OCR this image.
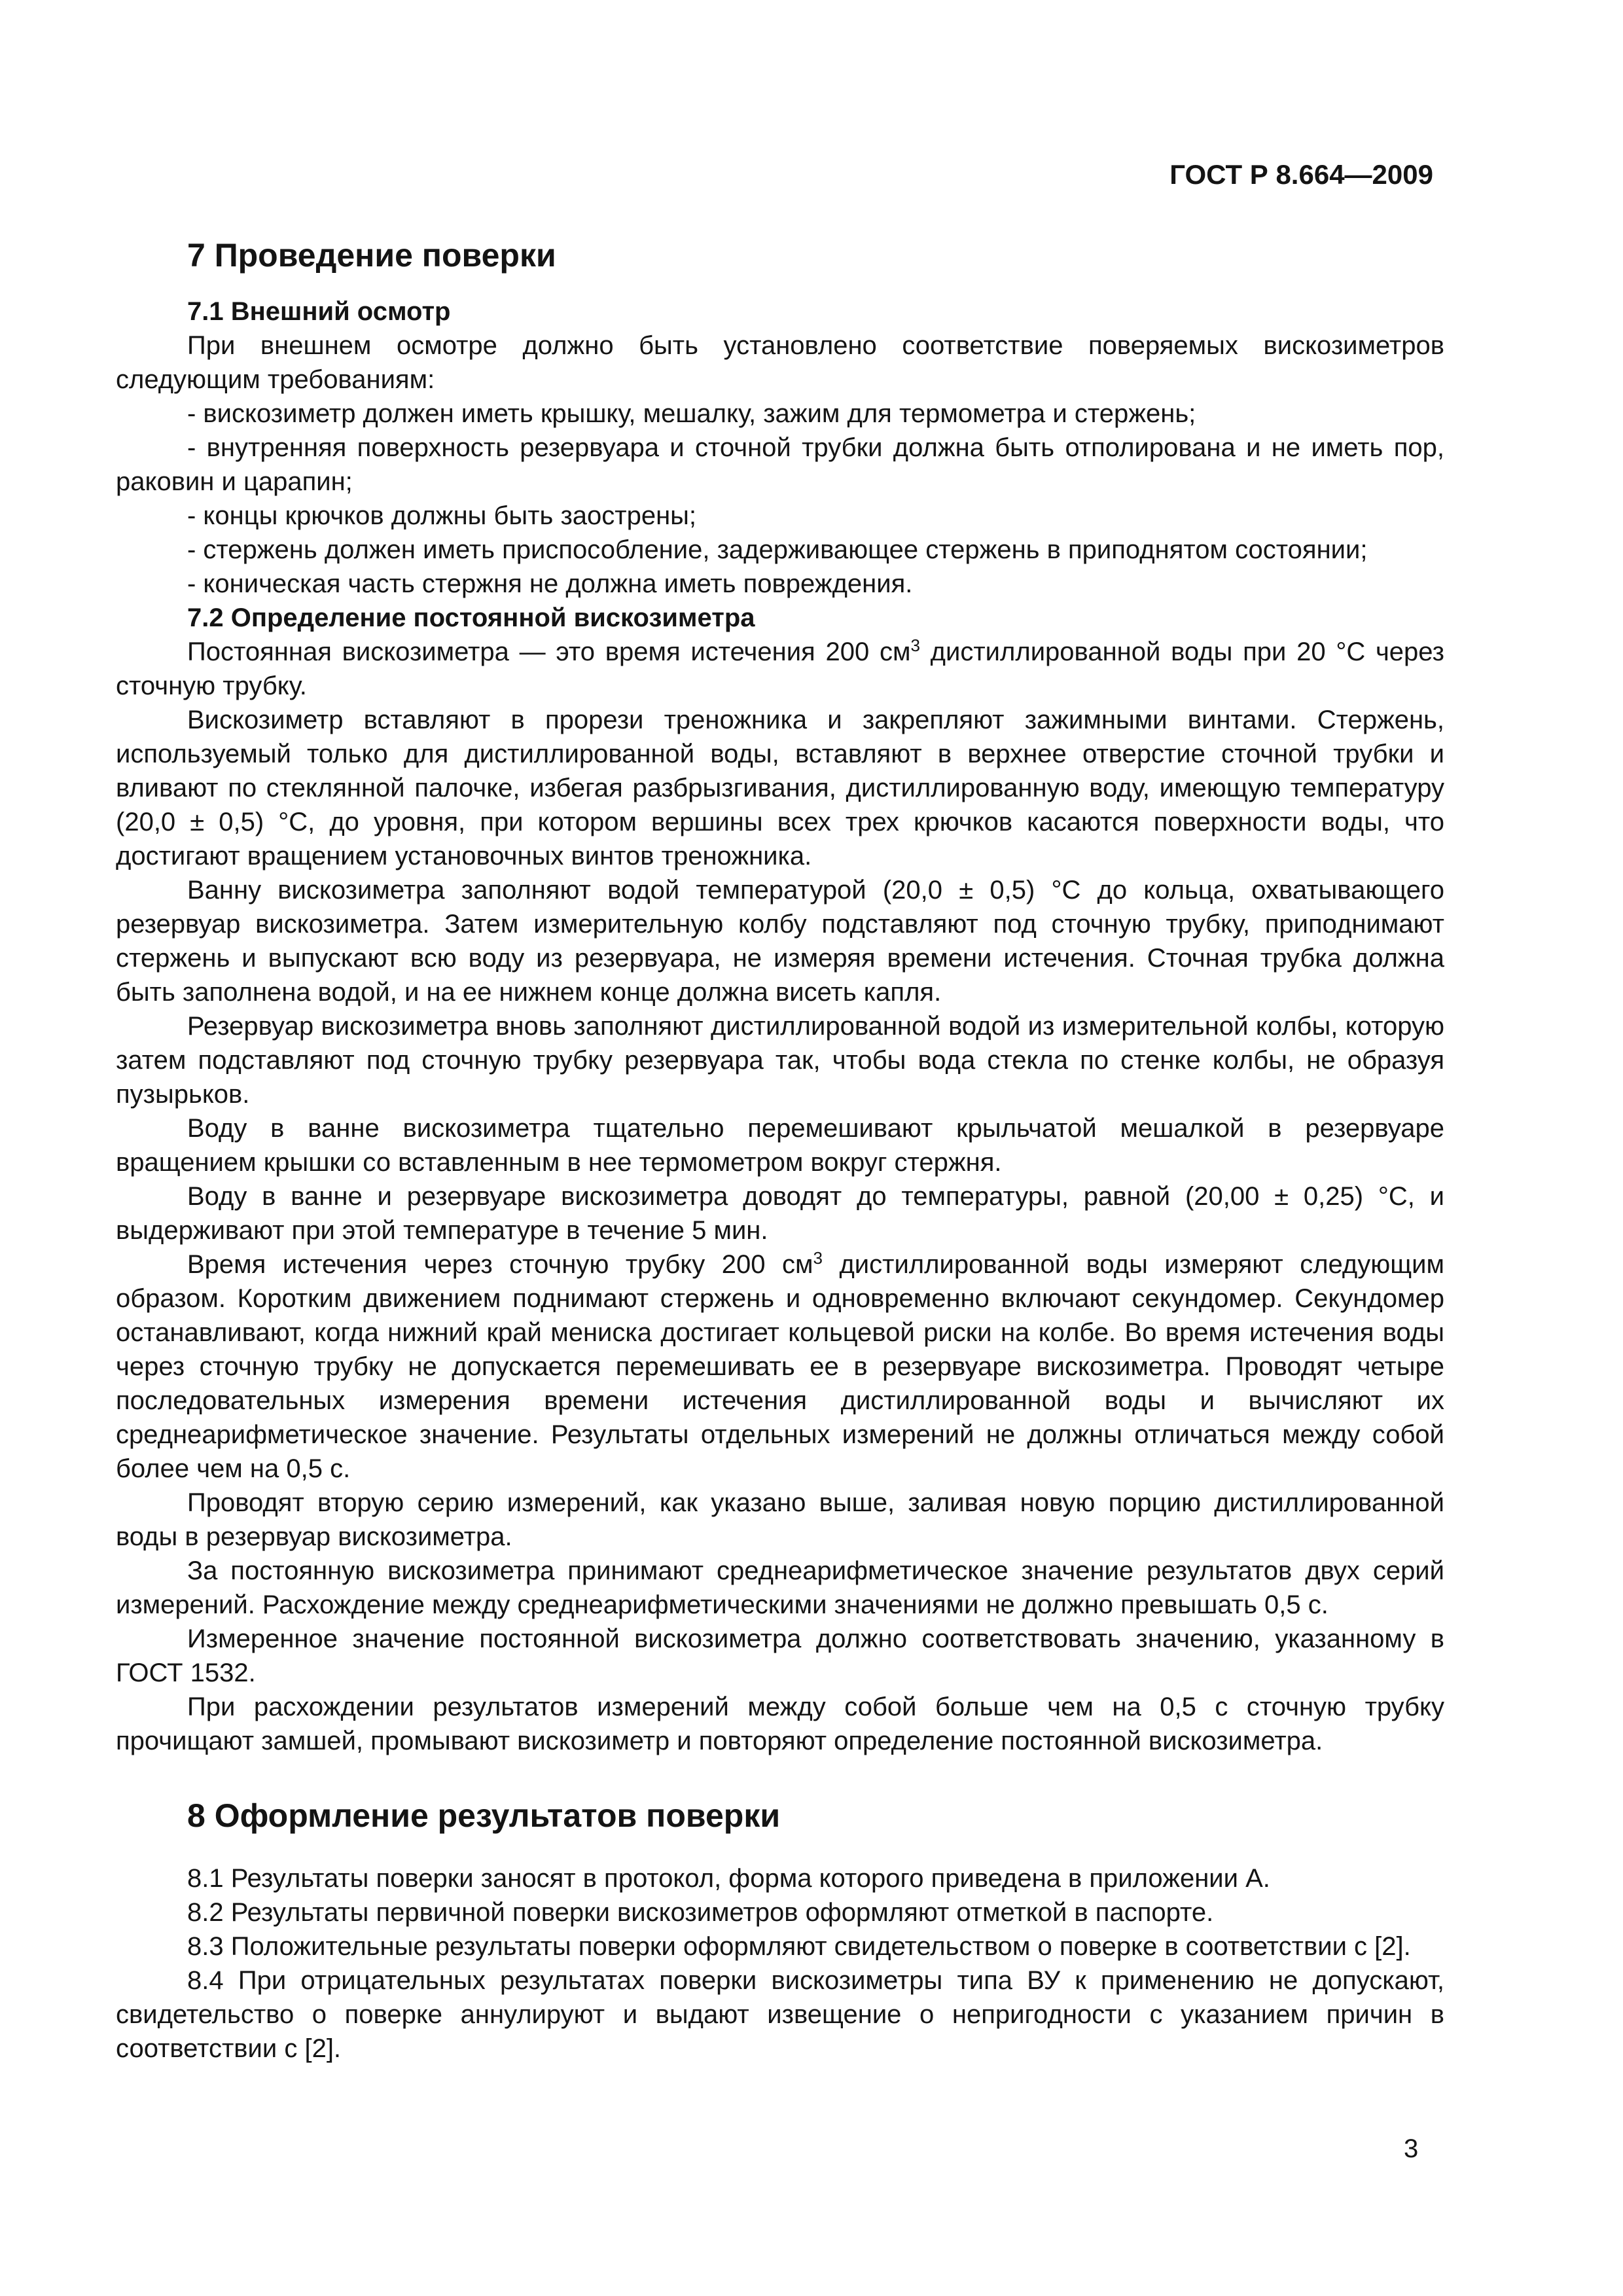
ГОСТ Р 8.664—2009
7 Проведение поверки
7.1 Внешний осмотр

При внешнем осмотре должно быть установлено соответствие поверяемых вискозиметров следующим требованиям:

- вискозиметр должен иметь крышку, мешалку, зажим для термометра и стержень;

- внутренняя поверхность резервуара и сточной трубки должна быть отполирована и не иметь пор, раковин и царапин;

- концы крючков должны быть заострены;

- стержень должен иметь приспособление, задерживающее стержень в приподнятом состоянии;

- коническая часть стержня не должна иметь повреждения.

7.2 Определение постоянной вискозиметра

Постоянная вискозиметра — это время истечения 200 $см^3$ дистиллированной воды при 20 °С через сточную трубку.

Вискозиметр вставляют в прорези треножника и закрепляют зажимными винтами. Стержень, используемый только для дистиллированной воды, вставляют в верхнее отверстие сточной трубки и вливают по стеклянной палочке, избегая разбрызгивания, дистиллированную воду, имеющую температуру (20,0 ± 0,5) °С, до уровня, при котором вершины всех трех крючков касаются поверхности воды, что достигают вращением установочных винтов треножника.

Ванну вискозиметра заполняют водой температурой (20,0 ± 0,5) °С до кольца, охватывающего резервуар вискозиметра. Затем измерительную колбу подставляют под сточную трубку, приподнимают стержень и выпускают всю воду из резервуара, не измеряя времени истечения. Сточная трубка должна быть заполнена водой, и на ее нижнем конце должна висеть капля.

Резервуар вискозиметра вновь заполняют дистиллированной водой из измерительной колбы, которую затем подставляют под сточную трубку резервуара так, чтобы вода стекла по стенке колбы, не образуя пузырьков.

Воду в ванне вискозиметра тщательно перемешивают крыльчатой мешалкой в резервуаре вращением крышки со вставленным в нее термометром вокруг стержня.

Воду в ванне и резервуаре вискозиметра доводят до температуры, равной (20,00 ± 0,25) °С, и выдерживают при этой температуре в течение 5 мин.

Время истечения через сточную трубку 200 $см^3$ дистиллированной воды измеряют следующим образом. Коротким движением поднимают стержень и одновременно включают секундомер. Секундомер останавливают, когда нижний край мениска достигает кольцевой риски на колбе. Во время истечения воды через сточную трубку не допускается перемешивать ее в резервуаре вискозиметра. Проводят четыре последовательных измерения времени истечения дистиллированной воды и вычисляют их среднеарифметическое значение. Результаты отдельных измерений не должны отличаться между собой более чем на 0,5 с.

Проводят вторую серию измерений, как указано выше, заливая новую порцию дистиллированной воды в резервуар вискозиметра.

За постоянную вискозиметра принимают среднеарифметическое значение результатов двух серий измерений. Расхождение между среднеарифметическими значениями не должно превышать 0,5 с.

Измеренное значение постоянной вискозиметра должно соответствовать значению, указанному в ГОСТ 1532.

При расхождении результатов измерений между собой больше чем на 0,5 с сточную трубку прочищают замшей, промывают вискозиметр и повторяют определение постоянной вискозиметра.

8 Оформление результатов поверки

8.1 Результаты поверки заносят в протокол, форма которого приведена в приложении А.

8.2 Результаты первичной поверки вискозиметров оформляют отметкой в паспорте.

8.3 Положительные результаты поверки оформляют свидетельством о поверке в соответствии с [2].

8.4 При отрицательных результатах поверки вискозиметры типа ВУ к применению не допускают, свидетельство о поверке аннулируют и выдают извещение о непригодности с указанием причин в соответствии с [2].

3
